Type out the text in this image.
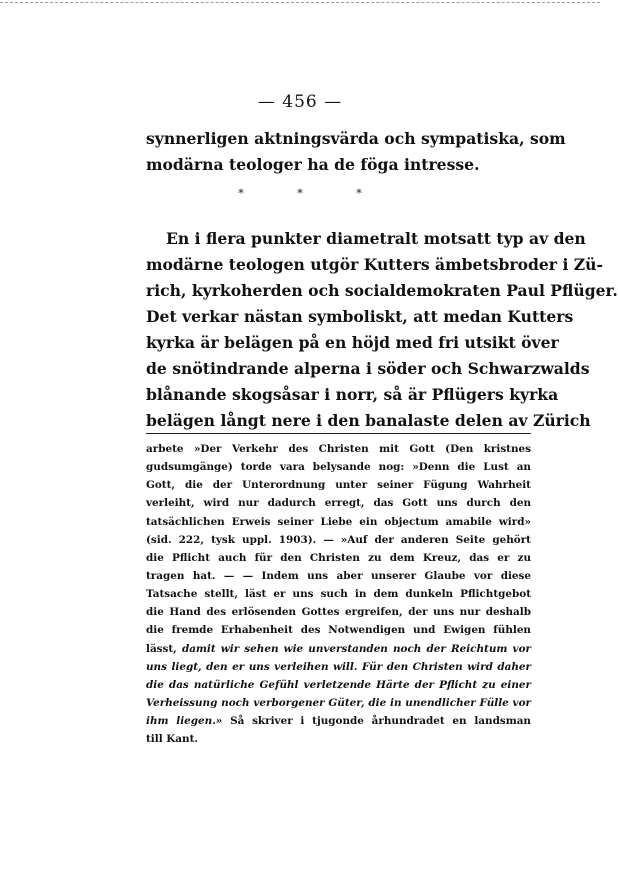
— 456 —
synnerligen aktningsvärda och sympatiska, som
modärna teologer ha de föga intresse.
*	*	*
En i flera punkter diametralt motsatt typ av den
modärne teologen utgör Kutters ämbetsbroder i Zü-
rich, kyrkoherden och socialdemokraten Paul Pflüger.
Det verkar nästan symboliskt, att medan Kutters
kyrka är belägen på en höjd med fri utsikt över
de snötindrande alperna i söder och Schwarzwalds
blånande skogsåsar i norr, så är Pflügers kyrka
belägen långt nere i den banalaste delen av Zürich
arbete »Der Verkehr des Christen mit Gott (Den kristnes
gudsumgänge) torde vara belysande nog: »Denn die Lust an
Gott, die der Unterordnung unter seiner Fügung Wahrheit
verleiht, wird nur dadurch erregt, das Gott uns durch den
tatsächlichen Erweis seiner Liebe ein objectum amabile wird»
(sid. 222, tysk uppl. 1903). — »Auf der anderen Seite gehört
die Pflicht auch für den Christen zu dem Kreuz, das er zu
tragen hat. — — Indem uns aber unserer Glaube vor diese
Tatsache stellt, läst er uns such in dem dunkeln Pflichtgebot
die Hand des erlösenden Gottes ergreifen, der uns nur deshalb
die fremde Erhabenheit des Notwendigen und Ewigen fühlen
lässt, damit wir sehen wie unverstanden noch der Reichtum vor
uns liegt, den er uns verleihen will. Für den Christen wird daher
die das natürliche Gefühl verletzende Härte der Pflicht zu einer
Verheissung noch verborgener Güter, die in unendlicher Fülle vor
ihm liegen.» Så skriver i tjugonde århundradet en landsman
till Kant.
